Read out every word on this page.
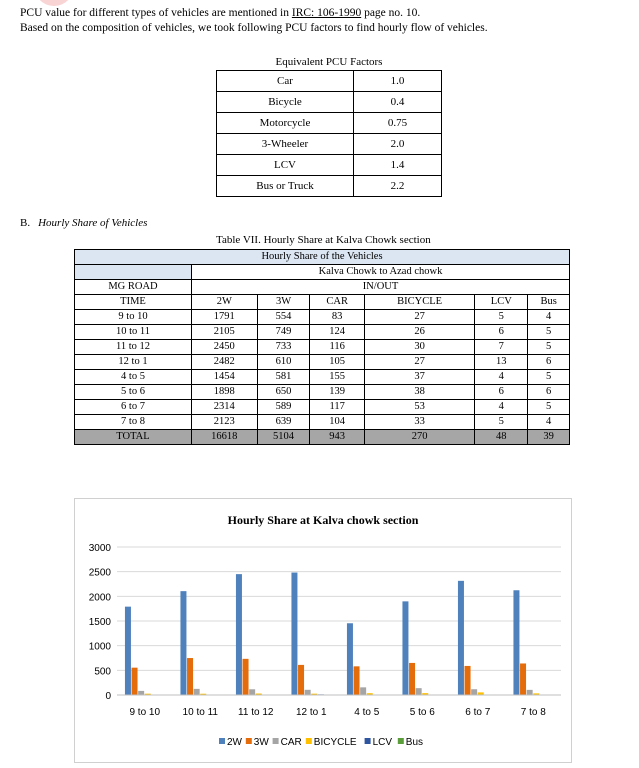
PCU value for different types of vehicles are mentioned in IRC: 106-1990 page no. 10.
Based on the composition of vehicles, we took following PCU factors to find hourly flow of vehicles.
Equivalent PCU Factors
Car	1.0
Bicycle	0.4
Motorcycle	0.75
3-Wheeler	2.0
LCV	1.4
Bus or Truck	2.2
B. Hourly Share of Vehicles
Table VII. Hourly Share at Kalva Chowk section
Hourly Share of the Vehicles						
	Kalva Chowk to Azad chowk					
MG ROAD	IN/OUT					
TIME	2W	3W	CAR	BICYCLE	LCV	Bus
9 to 10	1791	554	83	27	5	4
10 to 11	2105	749	124	26	6	5
11 to 12	2450	733	116	30	7	5
12 to 1	2482	610	105	27	13	6
4 to 5	1454	581	155	37	4	5
5 to 6	1898	650	139	38	6	6
6 to 7	2314	589	117	53	4	5
7 to 8	2123	639	104	33	5	4
TOTAL	16618	5104	943	270	48	39
Hourly Share at Kalva chowk section
0
500
1000
1500
2000
2500
3000
9 to 10 10 to 11 11 to 12 12 to 1	4 to 5	5 to 6	6 to 7	7 to 8
2W 3W CAR BICYCLE LCV Bus
